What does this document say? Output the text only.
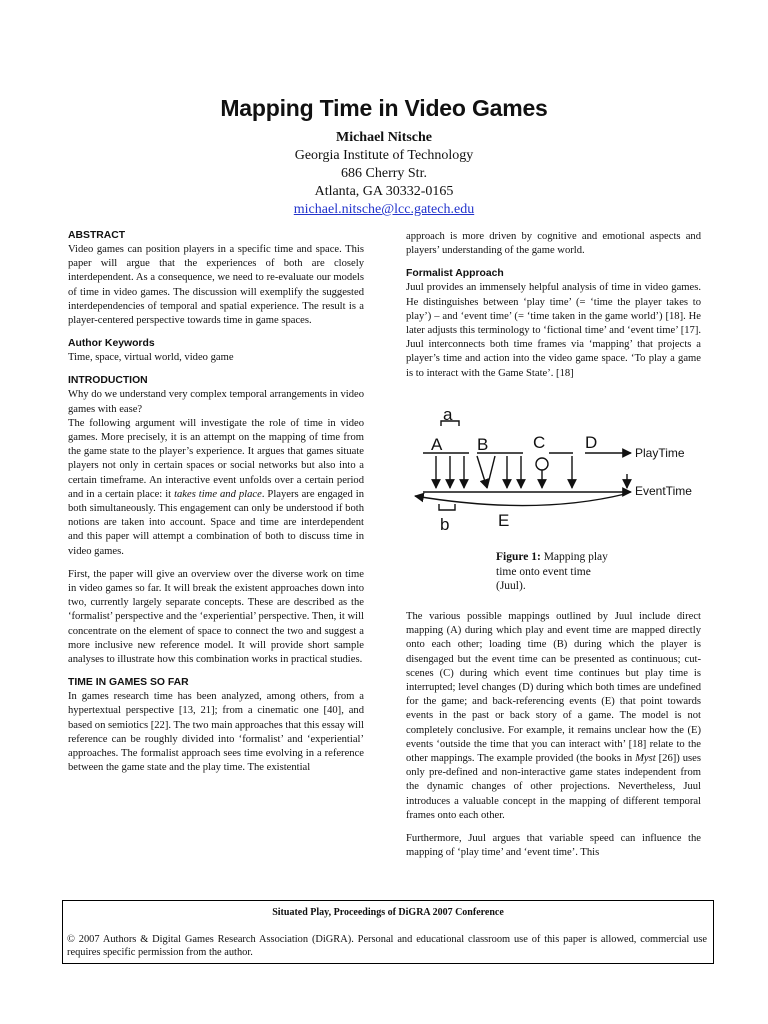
Mapping Time in Video Games
Michael Nitsche
Georgia Institute of Technology
686 Cherry Str.
Atlanta, GA 30332-0165
michael.nitsche@lcc.gatech.edu
ABSTRACT

Video games can position players in a specific time and space. This paper will argue that the experiences of both are closely interdependent. As a consequence, we need to re-evaluate our models of time in video games. The discussion will exemplify the suggested interdependencies of temporal and spatial experience. The result is a player-centered perspective towards time in game spaces.

Author Keywords

Time, space, virtual world, video game

INTRODUCTION

Why do we understand very complex temporal arrangements in video games with ease?

The following argument will investigate the role of time in video games. More precisely, it is an attempt on the mapping of time from the game state to the player’s experience. It argues that games situate players not only in certain spaces or social networks but also into a certain timeframe. An interactive event unfolds over a certain period and in a certain place: it takes time and place. Players are engaged in both simultaneously. This engagement can only be understood if both notions are taken into account. Space and time are interdependent and this paper will attempt a combination of both to discuss time in video games.

First, the paper will give an overview over the diverse work on time in video games so far. It will break the existent approaches down into two, currently largely separate concepts. These are described as the ‘formalist’ perspective and the ‘experiential’ perspective. Then, it will concentrate on the element of space to connect the two and suggest a more inclusive new reference model. It will provide short sample analyses to illustrate how this combination works in practical studies.

TIME IN GAMES SO FAR

In games research time has been analyzed, among others, from a hypertextual perspective [13, 21]; from a cinematic one [40], and based on semiotics [22]. The two main approaches that this essay will reference can be roughly divided into ‘formalist’ and ‘experiential’ approaches. The formalist approach sees time evolving in a reference between the game state and the play time. The existential

approach is more driven by cognitive and emotional aspects and players’ understanding of the game world.

Formalist Approach

Juul provides an immensely helpful analysis of time in video games. He distinguishes between ‘play time’ (= ‘time the player takes to play’) – and ‘event time’ (= ‘time taken in the game world’) [18]. He later adjusts this terminology to ‘fictional time’ and ‘event time’ [17]. Juul interconnects both time frames via ‘mapping’ that projects a player’s time and action into the video game space. ‘To play a game is to interact with the Game State’. [18]

a
A B	C D
PlayTime
EventTime
b	E
Figure 1: Mapping play time onto event time (Juul).

The various possible mappings outlined by Juul include direct mapping (A) during which play and event time are mapped directly onto each other; loading time (B) during which the player is disengaged but the event time can be presented as continuous; cut-scenes (C) during which event time continues but play time is interrupted; level changes (D) during which both times are undefined for the game; and back-referencing events (E) that point towards events in the past or back story of a game. The model is not completely conclusive. For example, it remains unclear how the (E) events ‘outside the time that you can interact with’ [18] relate to the other mappings. The example provided (the books in Myst [26]) uses only pre-defined and non-interactive game states independent from the dynamic changes of other projections. Nevertheless, Juul introduces a valuable concept in the mapping of different temporal frames onto each other.

Furthermore, Juul argues that variable speed can influence the mapping of ‘play time’ and ‘event time’. This

Situated Play, Proceedings of DiGRA 2007 Conference
© 2007 Authors & Digital Games Research Association (DiGRA). Personal and educational classroom use of this paper is allowed, commercial use requires specific permission from the author.
